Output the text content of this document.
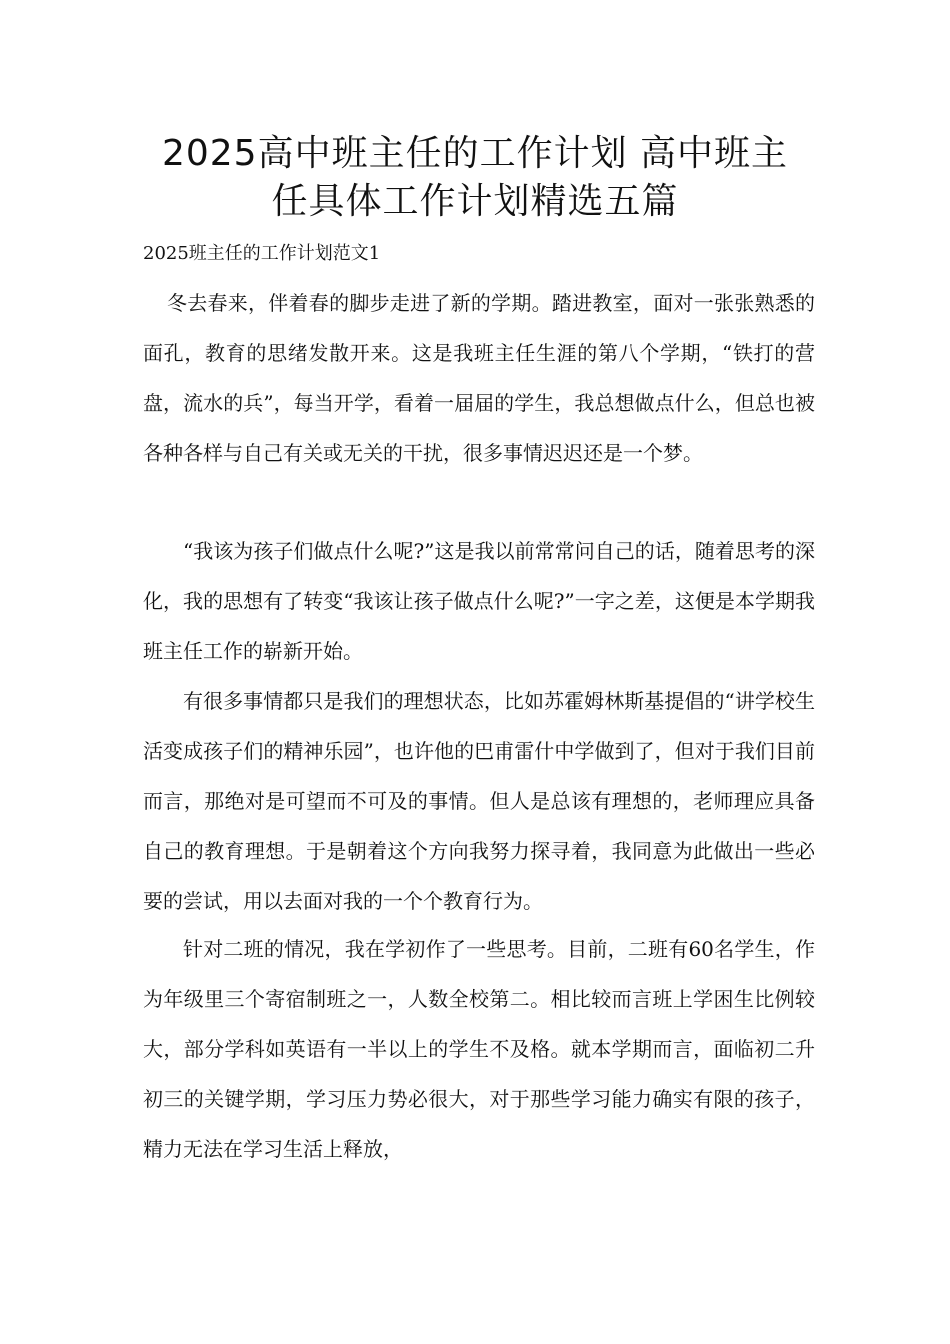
2025高中班主任的工作计划 高中班主
任具体工作计划精选五篇
2025班主任的工作计划范文1

冬去春来，伴着春的脚步走进了新的学期。踏进教室，面对一张张熟悉的面孔，教育的思绪发散开来。这是我班主任生涯的第八个学期，“铁打的营盘，流水的兵”，每当开学，看着一届届的学生，我总想做点什么，但总也被各种各样与自己有关或无关的干扰，很多事情迟迟还是一个梦。

“我该为孩子们做点什么呢?”这是我以前常常问自己的话，随着思考的深化，我的思想有了转变“我该让孩子做点什么呢?”一字之差，这便是本学期我班主任工作的崭新开始。

有很多事情都只是我们的理想状态，比如苏霍姆林斯基提倡的“讲学校生活变成孩子们的精神乐园”，也许他的巴甫雷什中学做到了，但对于我们目前而言，那绝对是可望而不可及的事情。但人是总该有理想的，老师理应具备自己的教育理想。于是朝着这个方向我努力探寻着，我同意为此做出一些必要的尝试，用以去面对我的一个个教育行为。

针对二班的情况，我在学初作了一些思考。目前，二班有60名学生，作为年级里三个寄宿制班之一，人数全校第二。相比较而言班上学困生比例较大，部分学科如英语有一半以上的学生不及格。就本学期而言，面临初二升初三的关键学期，学习压力势必很大，对于那些学习能力确实有限的孩子，精力无法在学习生活上释放，
